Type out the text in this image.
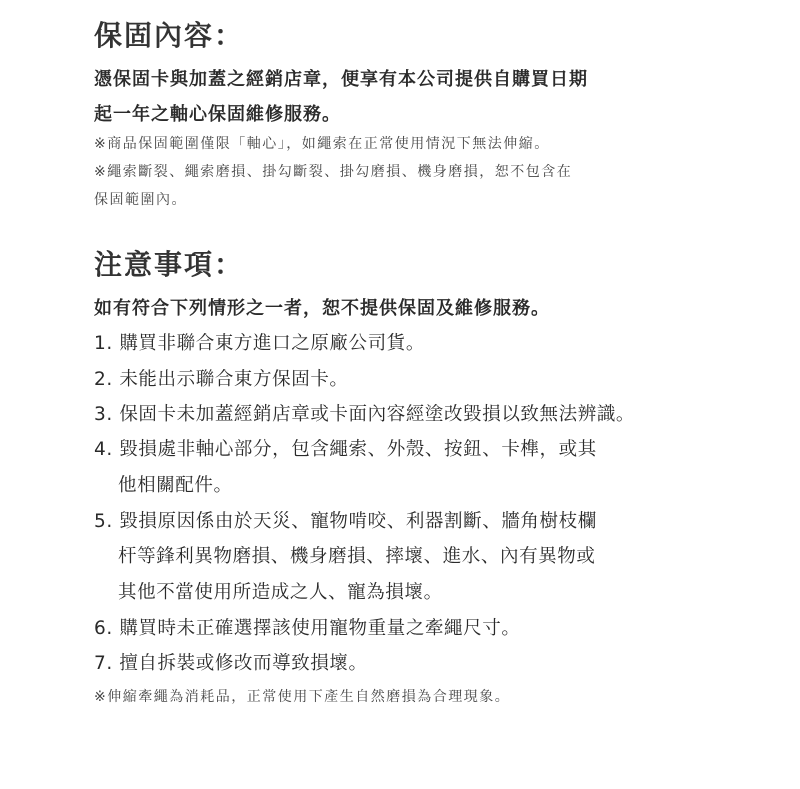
保固內容：

憑保固卡與加蓋之經銷店章，便享有本公司提供自購買日期

起一年之軸心保固維修服務。

※商品保固範圍僅限「軸心」，如繩索在正常使用情況下無法伸縮。

※繩索斷裂、繩索磨損、掛勾斷裂、掛勾磨損、機身磨損，恕不包含在

保固範圍內。

注意事項：

如有符合下列情形之一者，恕不提供保固及維修服務。

1. 購買非聯合東方進口之原廠公司貨。

2. 未能出示聯合東方保固卡。

3. 保固卡未加蓋經銷店章或卡面內容經塗改毀損以致無法辨識。

4. 毀損處非軸心部分，包含繩索、外殼、按鈕、卡榫，或其

他相關配件。

5. 毀損原因係由於天災、寵物啃咬、利器割斷、牆角樹枝欄

杆等鋒利異物磨損、機身磨損、摔壞、進水、內有異物或

其他不當使用所造成之人、寵為損壞。

6. 購買時未正確選擇該使用寵物重量之牽繩尺寸。

7. 擅自拆裝或修改而導致損壞。

※伸縮牽繩為消耗品，正常使用下產生自然磨損為合理現象。
